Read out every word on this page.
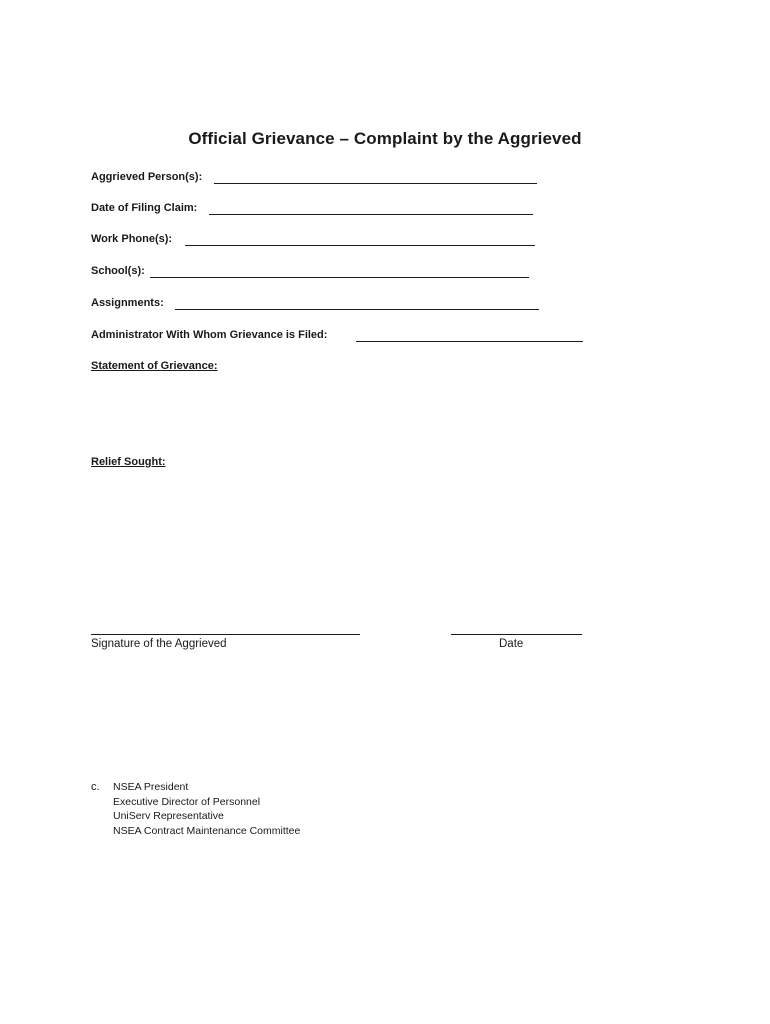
Official Grievance – Complaint by the Aggrieved
Aggrieved Person(s):
Date of Filing Claim:
Work Phone(s):
School(s):
Assignments:
Administrator With Whom Grievance is Filed:
Statement of Grievance:
Relief Sought:
Signature of the Aggrieved	Date
c. NSEA President
Executive Director of Personnel
UniServ Representative
NSEA Contract Maintenance Committee
